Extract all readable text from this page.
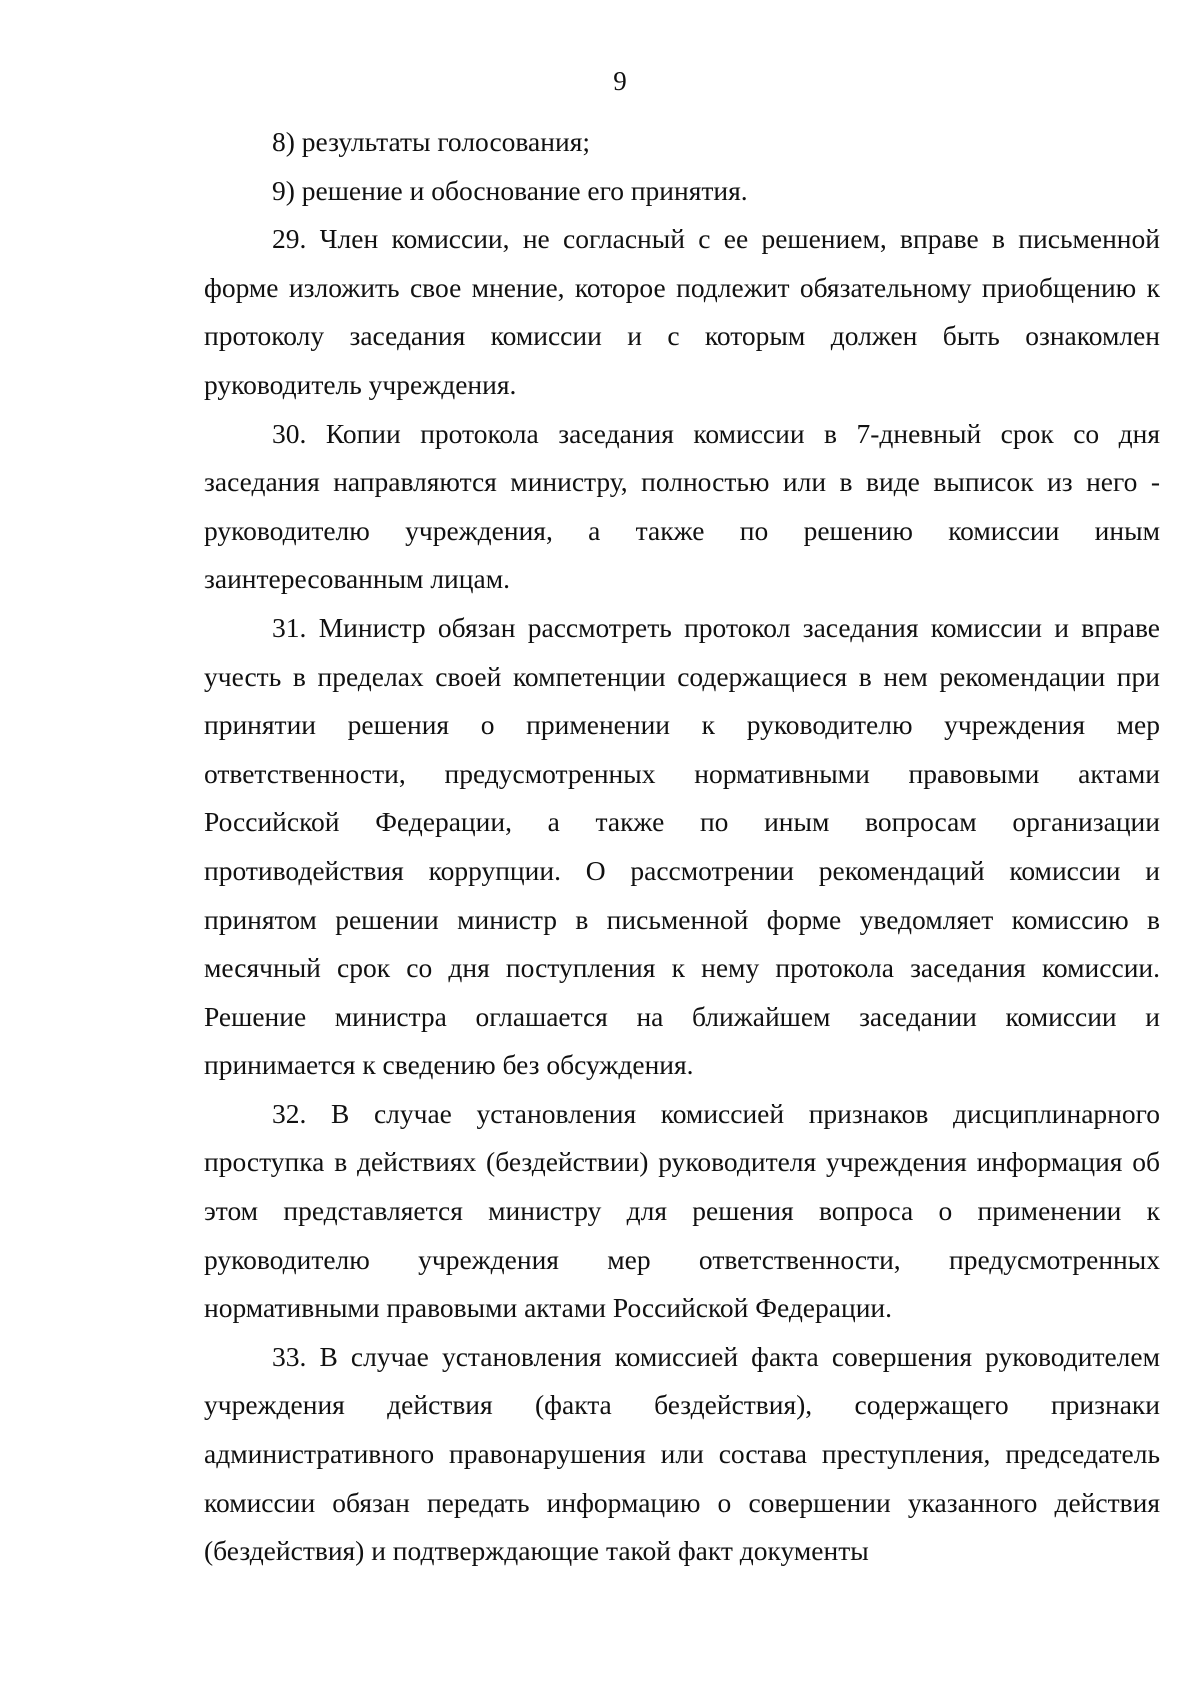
9

8) результаты голосования;

9) решение и обоснование его принятия.

29. Член комиссии, не согласный с ее решением, вправе в письменной форме изложить свое мнение, которое подлежит обязательному приобщению к протоколу заседания комиссии и с которым должен быть ознакомлен руководитель учреждения.

30. Копии протокола заседания комиссии в 7-дневный срок со дня заседания направляются министру, полностью или в виде выписок из него - руководителю учреждения, а также по решению комиссии иным заинтересованным лицам.

31. Министр обязан рассмотреть протокол заседания комиссии и вправе учесть в пределах своей компетенции содержащиеся в нем рекомендации при принятии решения о применении к руководителю учреждения мер ответственности, предусмотренных нормативными правовыми актами Российской Федерации, а также по иным вопросам организации противодействия коррупции. О рассмотрении рекомендаций комиссии и принятом решении министр в письменной форме уведомляет комиссию в месячный срок со дня поступления к нему протокола заседания комиссии. Решение министра оглашается на ближайшем заседании комиссии и принимается к сведению без обсуждения.

32. В случае установления комиссией признаков дисциплинарного проступка в действиях (бездействии) руководителя учреждения информация об этом представляется министру для решения вопроса о применении к руководителю учреждения мер ответственности, предусмотренных нормативными правовыми актами Российской Федерации.

33. В случае установления комиссией факта совершения руководителем учреждения действия (факта бездействия), содержащего признаки административного правонарушения или состава преступления, председатель комиссии обязан передать информацию о совершении указанного действия (бездействия) и подтверждающие такой факт документы
